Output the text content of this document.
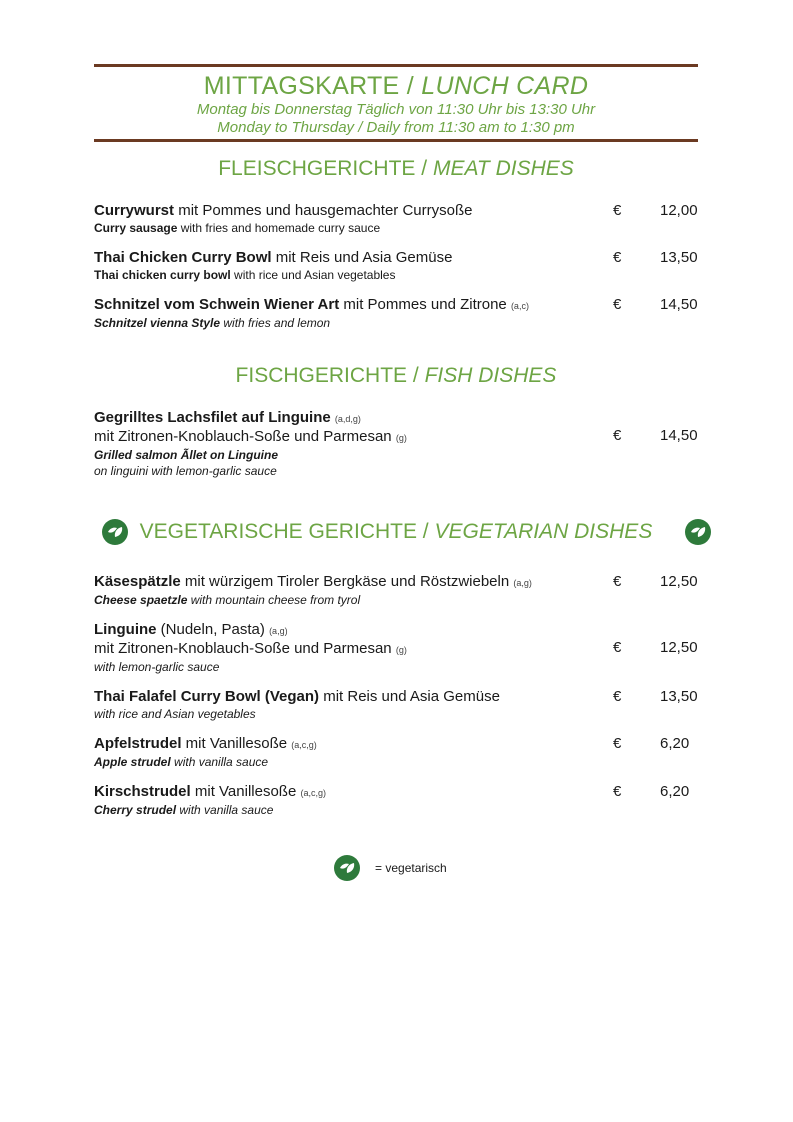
MITTAGSKARTE / LUNCH CARD
Montag bis Donnerstag Täglich von 11:30 Uhr bis 13:30 Uhr
Monday to Thursday / Daily from 11:30 am to 1:30 pm
FLEISCHGERICHTE / MEAT DISHES
Currywurst mit Pommes und hausgemachter Currysoße
Curry sausage with fries and homemade curry sauce
€	12,00
Thai Chicken Curry Bowl mit Reis und Asia Gemüse
Thai chicken curry bowl with rice und Asian vegetables
€	13,50
Schnitzel vom Schwein Wiener Art mit Pommes und Zitrone (a,c)
Schnitzel vienna Style with fries and lemon
€	14,50
FISCHGERICHTE / FISH DISHES
Gegrilltes Lachsfilet auf Linguine (a,d,g)
mit Zitronen-Knoblauch-Soße und Parmesan (g)
Grilled salmon Ãllet on Linguine
on linguini with lemon-garlic sauce
€	14,50
VEGETARISCHE GERICHTE / VEGETARIAN DISHES
Käsespätzle mit würzigem Tiroler Bergkäse und Röstzwiebeln (a,g)
Cheese spaetzle with mountain cheese from tyrol
€	12,50
Linguine (Nudeln, Pasta) (a,g)
mit Zitronen-Knoblauch-Soße und Parmesan (g)
with lemon-garlic sauce
€	12,50
Thai Falafel Curry Bowl (Vegan) mit Reis und Asia Gemüse
with rice and Asian vegetables
€	13,50
Apfelstrudel mit Vanillesoße (a,c,g)
Apple strudel with vanilla sauce
€	6,20
Kirschstrudel mit Vanillesoße (a,c,g)
Cherry strudel with vanilla sauce
€	6,20
= vegetarisch
